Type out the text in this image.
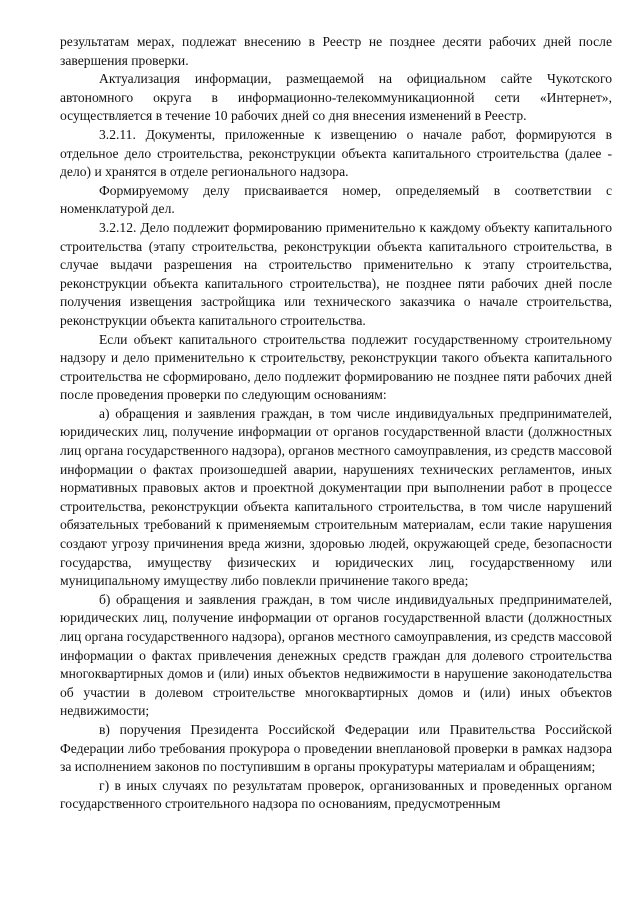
результатам мерах, подлежат внесению в Реестр не позднее десяти рабочих дней после завершения проверки.

Актуализация информации, размещаемой на официальном сайте Чукотского автономного округа в информационно-телекоммуникационной сети «Интернет», осуществляется в течение 10 рабочих дней со дня внесения изменений в Реестр.

3.2.11. Документы, приложенные к извещению о начале работ, формируются в отдельное дело строительства, реконструкции объекта капитального строительства (далее - дело) и хранятся в отделе регионального надзора.

Формируемому делу присваивается номер, определяемый в соответствии с номенклатурой дел.

3.2.12. Дело подлежит формированию применительно к каждому объекту капитального строительства (этапу строительства, реконструкции объекта капитального строительства, в случае выдачи разрешения на строительство применительно к этапу строительства, реконструкции объекта капитального строительства), не позднее пяти рабочих дней после получения извещения застройщика или технического заказчика о начале строительства, реконструкции объекта капитального строительства.

Если объект капитального строительства подлежит государственному строительному надзору и дело применительно к строительству, реконструкции такого объекта капитального строительства не сформировано, дело подлежит формированию не позднее пяти рабочих дней после проведения проверки по следующим основаниям:

а) обращения и заявления граждан, в том числе индивидуальных предпринимателей, юридических лиц, получение информации от органов государственной власти (должностных лиц органа государственного надзора), органов местного самоуправления, из средств массовой информации о фактах произошедшей аварии, нарушениях технических регламентов, иных нормативных правовых актов и проектной документации при выполнении работ в процессе строительства, реконструкции объекта капитального строительства, в том числе нарушений обязательных требований к применяемым строительным материалам, если такие нарушения создают угрозу причинения вреда жизни, здоровью людей, окружающей среде, безопасности государства, имуществу физических и юридических лиц, государственному или муниципальному имуществу либо повлекли причинение такого вреда;

б) обращения и заявления граждан, в том числе индивидуальных предпринимателей, юридических лиц, получение информации от органов государственной власти (должностных лиц органа государственного надзора), органов местного самоуправления, из средств массовой информации о фактах привлечения денежных средств граждан для долевого строительства многоквартирных домов и (или) иных объектов недвижимости в нарушение законодательства об участии в долевом строительстве многоквартирных домов и (или) иных объектов недвижимости;

в) поручения Президента Российской Федерации или Правительства Российской Федерации либо требования прокурора о проведении внеплановой проверки в рамках надзора за исполнением законов по поступившим в органы прокуратуры материалам и обращениям;

г) в иных случаях по результатам проверок, организованных и проведенных органом государственного строительного надзора по основаниям, предусмотренным
